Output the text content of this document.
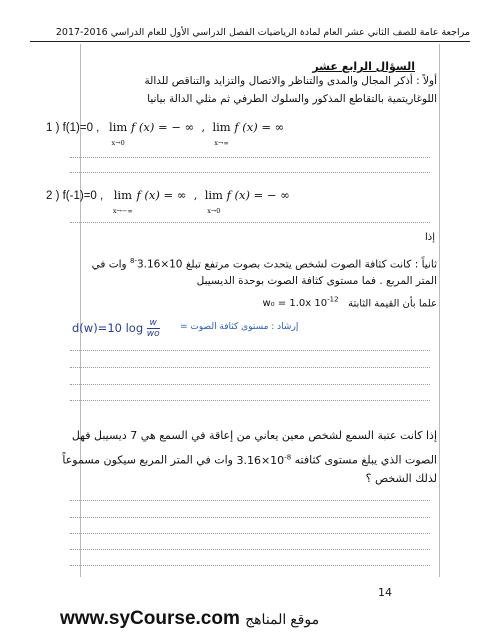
مراجعة عامة للصف الثاني عشر العام لمادة الرياضيات الفصل الدراسي الأول للعام الدراسي 2016-2017
السؤال الرابع عشر
أولاً : أذكر المجال والمدى والتناظر والاتصال والتزايد والتناقص للدالة
اللوغاريتمية بالتقاطع المذكور والسلوك الطرفي ثم مثلي الدالة بيانيا
1 ) f(1)=0 , lim
x→0 f (x) = − ∞  ,  lim
x→∞ f (x) = ∞
2 ) f(-1)=0 , lim
x→−∞ f (x) = ∞  ,  lim
x→0 f (x) = − ∞
إذا
ثانياً : كانت كثافة الصوت لشخص يتحدث بصوت مرتفع تبلغ $3.16\times 10^{-8}$ وات في
المتر المربع . فما مستوى كثافة الصوت بوحدة الديسيبل
علما بأن القيمة الثابتة   w₀ = 1.0x $10^{-12}$
d(w)=10 $\log \frac{w}{wo}$ إرشاد : مستوى كثافة الصوت =
إذا كانت عتبة السمع لشخص معين يعاني من إعاقة في السمع هي 7 ديسيبل فهل
الصوت الذي يبلغ مستوى كثافته $3.16\times 10^{-8}$ وات في المتر المربع سيكون مسموعاً
لذلك الشخص ؟
14
www.syCourse.com موقع المناهج
